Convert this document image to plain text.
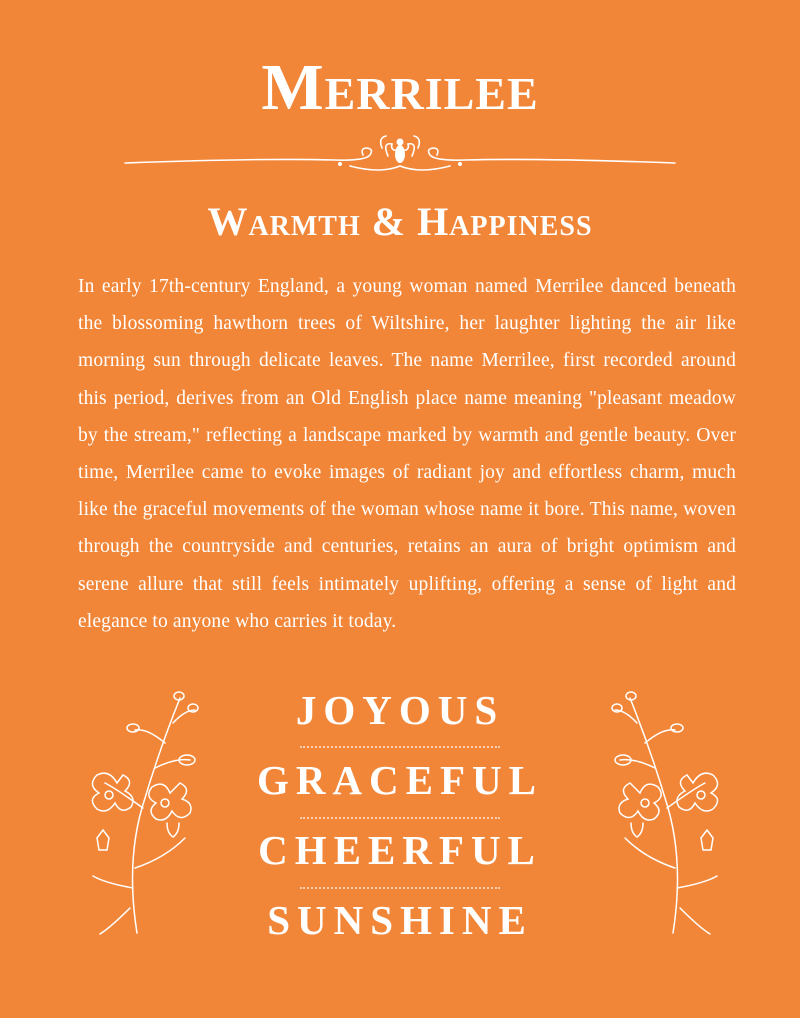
Merrilee
Warmth & Happiness
In early 17th-century England, a young woman named Merrilee danced beneath the blossoming hawthorn trees of Wiltshire, her laughter lighting the air like morning sun through delicate leaves. The name Merrilee, first recorded around this period, derives from an Old English place name meaning "pleasant meadow by the stream," reflecting a landscape marked by warmth and gentle beauty. Over time, Merrilee came to evoke images of radiant joy and effortless charm, much like the graceful movements of the woman whose name it bore. This name, woven through the countryside and centuries, retains an aura of bright optimism and serene allure that still feels intimately uplifting, offering a sense of light and elegance to anyone who carries it today.
JOYOUS
GRACEFUL
CHEERFUL
SUNSHINE
